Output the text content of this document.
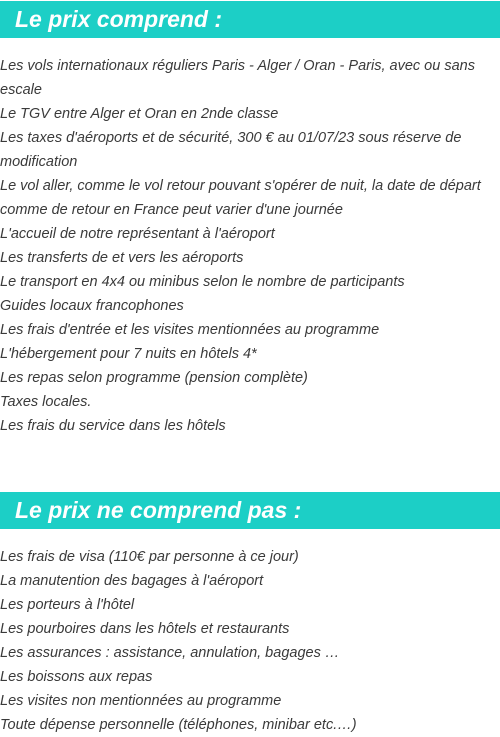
Le prix comprend :
Les vols internationaux réguliers Paris - Alger / Oran - Paris, avec ou sans escale
Le TGV entre Alger et Oran en 2nde classe
Les taxes d'aéroports et de sécurité, 300 € au 01/07/23 sous réserve de modification
Le vol aller, comme le vol retour pouvant s'opérer de nuit, la date de départ comme de retour en France peut varier d'une journée
L'accueil de notre représentant à l'aéroport
Les transferts de et vers les aéroports
Le transport en 4x4 ou minibus selon le nombre de participants
Guides locaux francophones
Les frais d'entrée et les visites mentionnées au programme
L'hébergement pour 7 nuits en hôtels 4*
Les repas selon programme (pension complète)
Taxes locales.
Les frais du service dans les hôtels
Le prix ne comprend pas :
Les frais de visa (110€ par personne à ce jour)
La manutention des bagages à l'aéroport
Les porteurs à l'hôtel
Les pourboires dans les hôtels et restaurants
Les assurances : assistance, annulation, bagages …
Les boissons aux repas
Les visites non mentionnées au programme
Toute dépense personnelle (téléphones, minibar etc.…)
